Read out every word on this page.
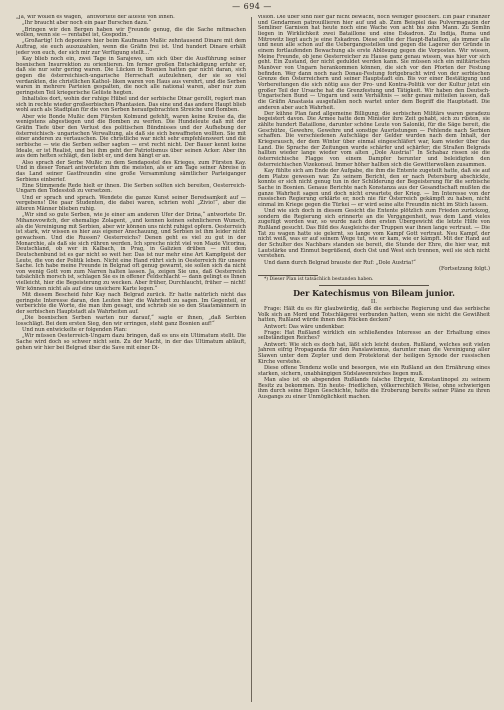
— 694 —

„Ja, wir wollen es wagen,“ antwortete der älteste von ihnen.

„Ihr braucht aber noch ein paar Burschen dazu.“

„Bringen wir den Bergen haben wir Freunde genug, die die Sache mitmachen wollen, wenn sie — rentabel ist, Gospodin.“

„Großartig! Ich deponiere hier beim Kaufmann Mußic zehntausend Dinare mit dem Auftrag, sie euch auszuzahlen, wenn die Gräfin frei ist. Und hundert Dinare erhält jeder von euch, der sich mir zur Verfügung stellt…“

Kay blieb noch ein, zwei Tage in Sarajewo, um sich über die Ausführung seiner bosnischen Insurrektion zu orientieren. Im ferner großen Entschädigung erfuhr er, daß sie nur sehr gering waren. Die Lücken in Bosnien hatten gar nicht daran, sich gegen die österreichisch-ungarische Herrschaft aufzulehnen, der sie so viel verdankten, die christlichen Kathol- liken waren von Haus aus verehrt, und die Serben waren in mehrere Parteien gespalten, die noch alle national waren, aber nur zum geringsten Teil kriegerische Gelüste hegten.

Inhaltslos dort, wohin der ruhige Hübel und der serbische Dinar gerollt, regiert man sich in rechte wieder großserbischen Phantasien. Das eine und das andere Haupt blieb wohl auch als Stadtplan für die von Serben heraufgebrachten Streiche und Bomben.

Aber wie Bonde Mußic dem Fürsten Kolmund gefehlt, waren keine Kreise da, die wenigstens abgestiegen und die Bomben zu werfen. Die Hundeleute daß mit der Gräfin Tiefe über den Verlust des politischen Bündnisses und der Aufhebung der österreichisch- ungarischen Verwaltung, als daß sie sich bewaffneten wollten. Sie mit einer anderen zu vertauschen. Die christliche war nicht sehr empfehlenswert und die serbische — wie die Serben selber sagten — erst recht nicht. Der Bauer kennt keine Ideale, er ist Realist, und bei ihm geht der Patriotismus über seinen Acker. Aber ihn aus dem heften schlägt, den liebt er, und dem hängt er an.

Also sprach der Serbe Mußic zu dem Sendapostel des Krieges, zum Fürsten Kay. Und in dieser Tonart antworteten ihm die meisten, als er am Tage seiner Abreise in das Land seiner Gastfreundin eine große Versammlung sämtlicher Parteiganger Serbiens einberief.

Eine Stimmende Rede hielt er ihnen. Die Serben sollten sich bereiten, Oesterreich-Ungarn den Todesstoß zu versetzen.

Und er sprach und sprach. Wendete die ganze Kunst seiner Beredsamkeit auf — vergebens! Die paar Studenten, die dabei waren, schrien wohl „Zivio!“, aber die älteren Männer blieben ruhig.

„Wir sind so gute Serben, wie je einer am anderen Ufer der Drina,“ antwortete Dr. Mihanovowitch, der ehemalige Zolagent, „und kennen keinen sehnlicheren Wunsch, als die Vereinigung mit Serbien, aber wir können uns nicht ruhigst opfern. Oesterreich ist stark, wir wissen es hier aus eigener Anschauung, und Serbien ist ihm leider nicht gewachsen. Und die Russen? Oesterreichs? Denen geht es viel zu gut in der Monarchie, als daß sie sich rühren werden. Ich spreche nicht viel von Mazie Vicorina, Deutschland, ob wer in Kalbach, in Prag, in Galizien drüben — mit dem Deutschenbund ist es gar nicht so weit her. Das ist nur mehr eine Art Kampfgeist der Leute, die von der Politik leben. Nicht eine Hand rührt sich in Oesterreich für unsere Sache. Ich habe meine Freunde in Belgrad oft genug gewarnt, sie sollen sich da nicht von wenig Gott vom zum Narren halten lassen. Ja, zeigen Sie uns, daß Oesterreich tatsächlich morsch ist, schlagen Sie es in offener Feldschlacht — dann gelingt es Ihnen vielleicht, hier die Begeisterung zu wecken. Aber früher, Durchlaucht, früher — nicht! Wir können nicht als auf eine unsichere Karte legen.“

Mit diesem Bescheid fuhr Kay nach Belgrad zurück. Er hatte natürlich nicht das geringste Interesse daran, den Leuten hier die Wahrheit zu sagen. Im Gegenteil, er verberichte die Worte, die man ihm gesagt, und schrieb sie so den Staatsmännern in der serbischen Hauptstadt als Wahrheiten auf.

„Die bosnischen Serben warten nur darauf,“ sagte er ihnen, „daß Serbien losschlägt. Bei dem ersten Sieg, den wir erringen, steht ganz Bosnien auf!“

Und nun entwickelte er folgenden Plan:

„Wir müssen Oesterreich-Ungarn dazu bringen, daß es uns ein Ultimatum stellt. Die Sache wird doch so schwer nicht sein. Zu der Macht, in der das Ultimatum abläuft, gehen wir hier bei Belgrad über die Save mit einer Di-

vision. Die über sind hier gar nicht bewacht, noch weniger gesichert. Ein paar Finanzer und Gendarmen patrouillieren hier auf und ab. Zum Beispiel das Pulvermagazin der Semliner Garnison hat heute noch eine Wache von acht bis zehn Mann. Zu Semlin liegen in Wirklichkeit zwei Bataillone und eine Eskadron. Zu Indija, Ruma und Mitrowitz liegt auch je eine Eskadron. Diese sollte der Haupt-Bataillon, als immer alle und neun alle schon auf die Uebergangsstellen und gegen die Lagerer der Gründe in einem fortlaufenden Bewachung als erste Ablösung gegen die Vorposten. Wir wissen, Meine Freunde, ob jene Oesterreicher zu Hause ganz genau wissen, was hier vor sich geht. Ein Zustand, der nicht geduldet werden kann. Sie müssen sich ein militärisches Manöver von Ungarn herankommen können, die sich vor den Pforten der Festung befinden. Wer dann noch nach Donau-Festung fortgebracht wird von der serbischen Grenze den Österreichern und seiner Hauptstadt ein. Bis vor einer Bestätigung und Vorbereitungen die sich nötig aus der Pro- und Kontra-Politik vor der Kultur jetzt ein großer Teil der Ursache hat die Grenzfestung und Tätigkeit. Wir haben den Deutsch-Ungarischen Bund — Ungarn und sein Verhältnis — sehr genau mitteilen lassen, daß die Gräfin Anastasia ausgefallen noch wartet unter dem Begriff die Hauptstadt. Die anderen aber auch Wahrheit.

Der kühne Plan fand allgemeine Billigung; die serbischen Militärs waren geradezu begeistert davon. Die Armee hatte dem Minister ihre Zeit gehabt, sich zu rüsten, sie zählte hundert Bataillone, darunter schöne Leute von Saloniki, für die Säge bereit, die Geschütze, Gewehre, Gewehre und sonstige Ausrüstungen — Fehlende nach Serbien schaffen. Die verschiedenen Aufschläge der Gelder wurden nach dem Inhalt, der Kriegsrausch, der dem Winter über einmal eingeschläfert war, kam wieder über das Land. Die Sprache der Zeitungen wurde schärfer und schärfer; die Straßen Belgrads hallten wieder lange wieder vom alten „Dole Austria!“ In Schabaz rissen sie die österreichische Flagge von einem Dampfer herunter und beleidigten den österreichischen Vizekonsul. Immer höher hallten sich die Gewitterwolken zusammen.

Kay fühlte sich am Ende der Aufgabe, die ihm die Entente zugeteilt hatte, daß sie auf dem Platze gewesen war. Zu seinem Bericht, den er nach Petersburg abschickte, konnte er sich nicht genug tun in der Schilderung der Begeisterung für die serbische Sache in Bosnien. Genaue Berichte nach Konstanza aus der Gesandtschaft mußten die ganze Wahrheit sagen und doch nicht erwartete der Krieg. — Im Interesse von der russischen Regierung erklärte er, noch nie für Österreich gekämpft zu haben, nicht einmal im Kriege gegen die Türkei — er wird seine alte Freundin nicht im Stich lassen.

Und wie sich doch in diesem Gesicht die Entente plötzlich zum Frieden zurückzog, sondern die Regierung sich erinnerte an die Vergangenheit, was dem Land vieles zugefügt worden war, so wurde nach dem ersten Übergewicht die letzte Hilfe von Rußland gesucht. Das Bild des Ausgleichs der Truppen war ihnen lange vertraut. — Die Tat zu wagen hatte sie gelernt, so lange vom Kampf Gott vertraut. Neu Kampf, der nicht weiß, was er auf seinem Wege tut, wie er kam, wie er kämpft. Mit der Hand auf der Schulter des Nachbars standen sie bereit, die Stunde der Ehre, die hier war, mit Lautstärke und Einmut begrüßend, doch Ost und West sich trennen, weil sie sich nicht verstehen.

Und dann durch Belgrad brauste der Ruf: „Dole Austria!“

(Fortsetzung folgt.)

*) Dieser Plan ist tatsächlich bestanden haben.

Der Katechismus von Bileam junior.
II.

Frage: Hält du es für glaubwürdig, daß die serbische Regierung und das serbische Volk sich an Mord und Totschlägerei verbunden hatten, wenn sie nicht die Gewißheit hatten, Rußland würde ihnen den Rücken decken?

Antwort: Das wäre undenkbar.

Frage: Hat Rußland wirklich ein schließendes Interesse an der Erhaltung eines selbständigen Reiches?

Antwort: Wie sich es doch hat, läßt sich leicht deuten. Rußland, welches seit vielen Jahren eifrig Propaganda für den Panslawismus, darunter man die Vereinigung aller Slawen unter dem Zepter und dem Protektorat der heiligen Synode der russischen Kirche verstehe.

Diese offene Tendenz wolle und besorgen, wie ein Rußland an den Ernährung eines starken, sichern, unabhängigen Südslawenreiches liegen muß.

Man also ist ob abspenden Rußlands falsche Ehrgeiz, Konstantinopel zu seinem Besitz zu bekommen. Ein heute- friedlichen, völkerrechtlich Weise, ohne schwierigen ihm durch seine Eigen Geschichte, hatte die Eroberung bereits seiner Pläne zu ihren Ausgangs zu einer Unmöglichkeit machen.
